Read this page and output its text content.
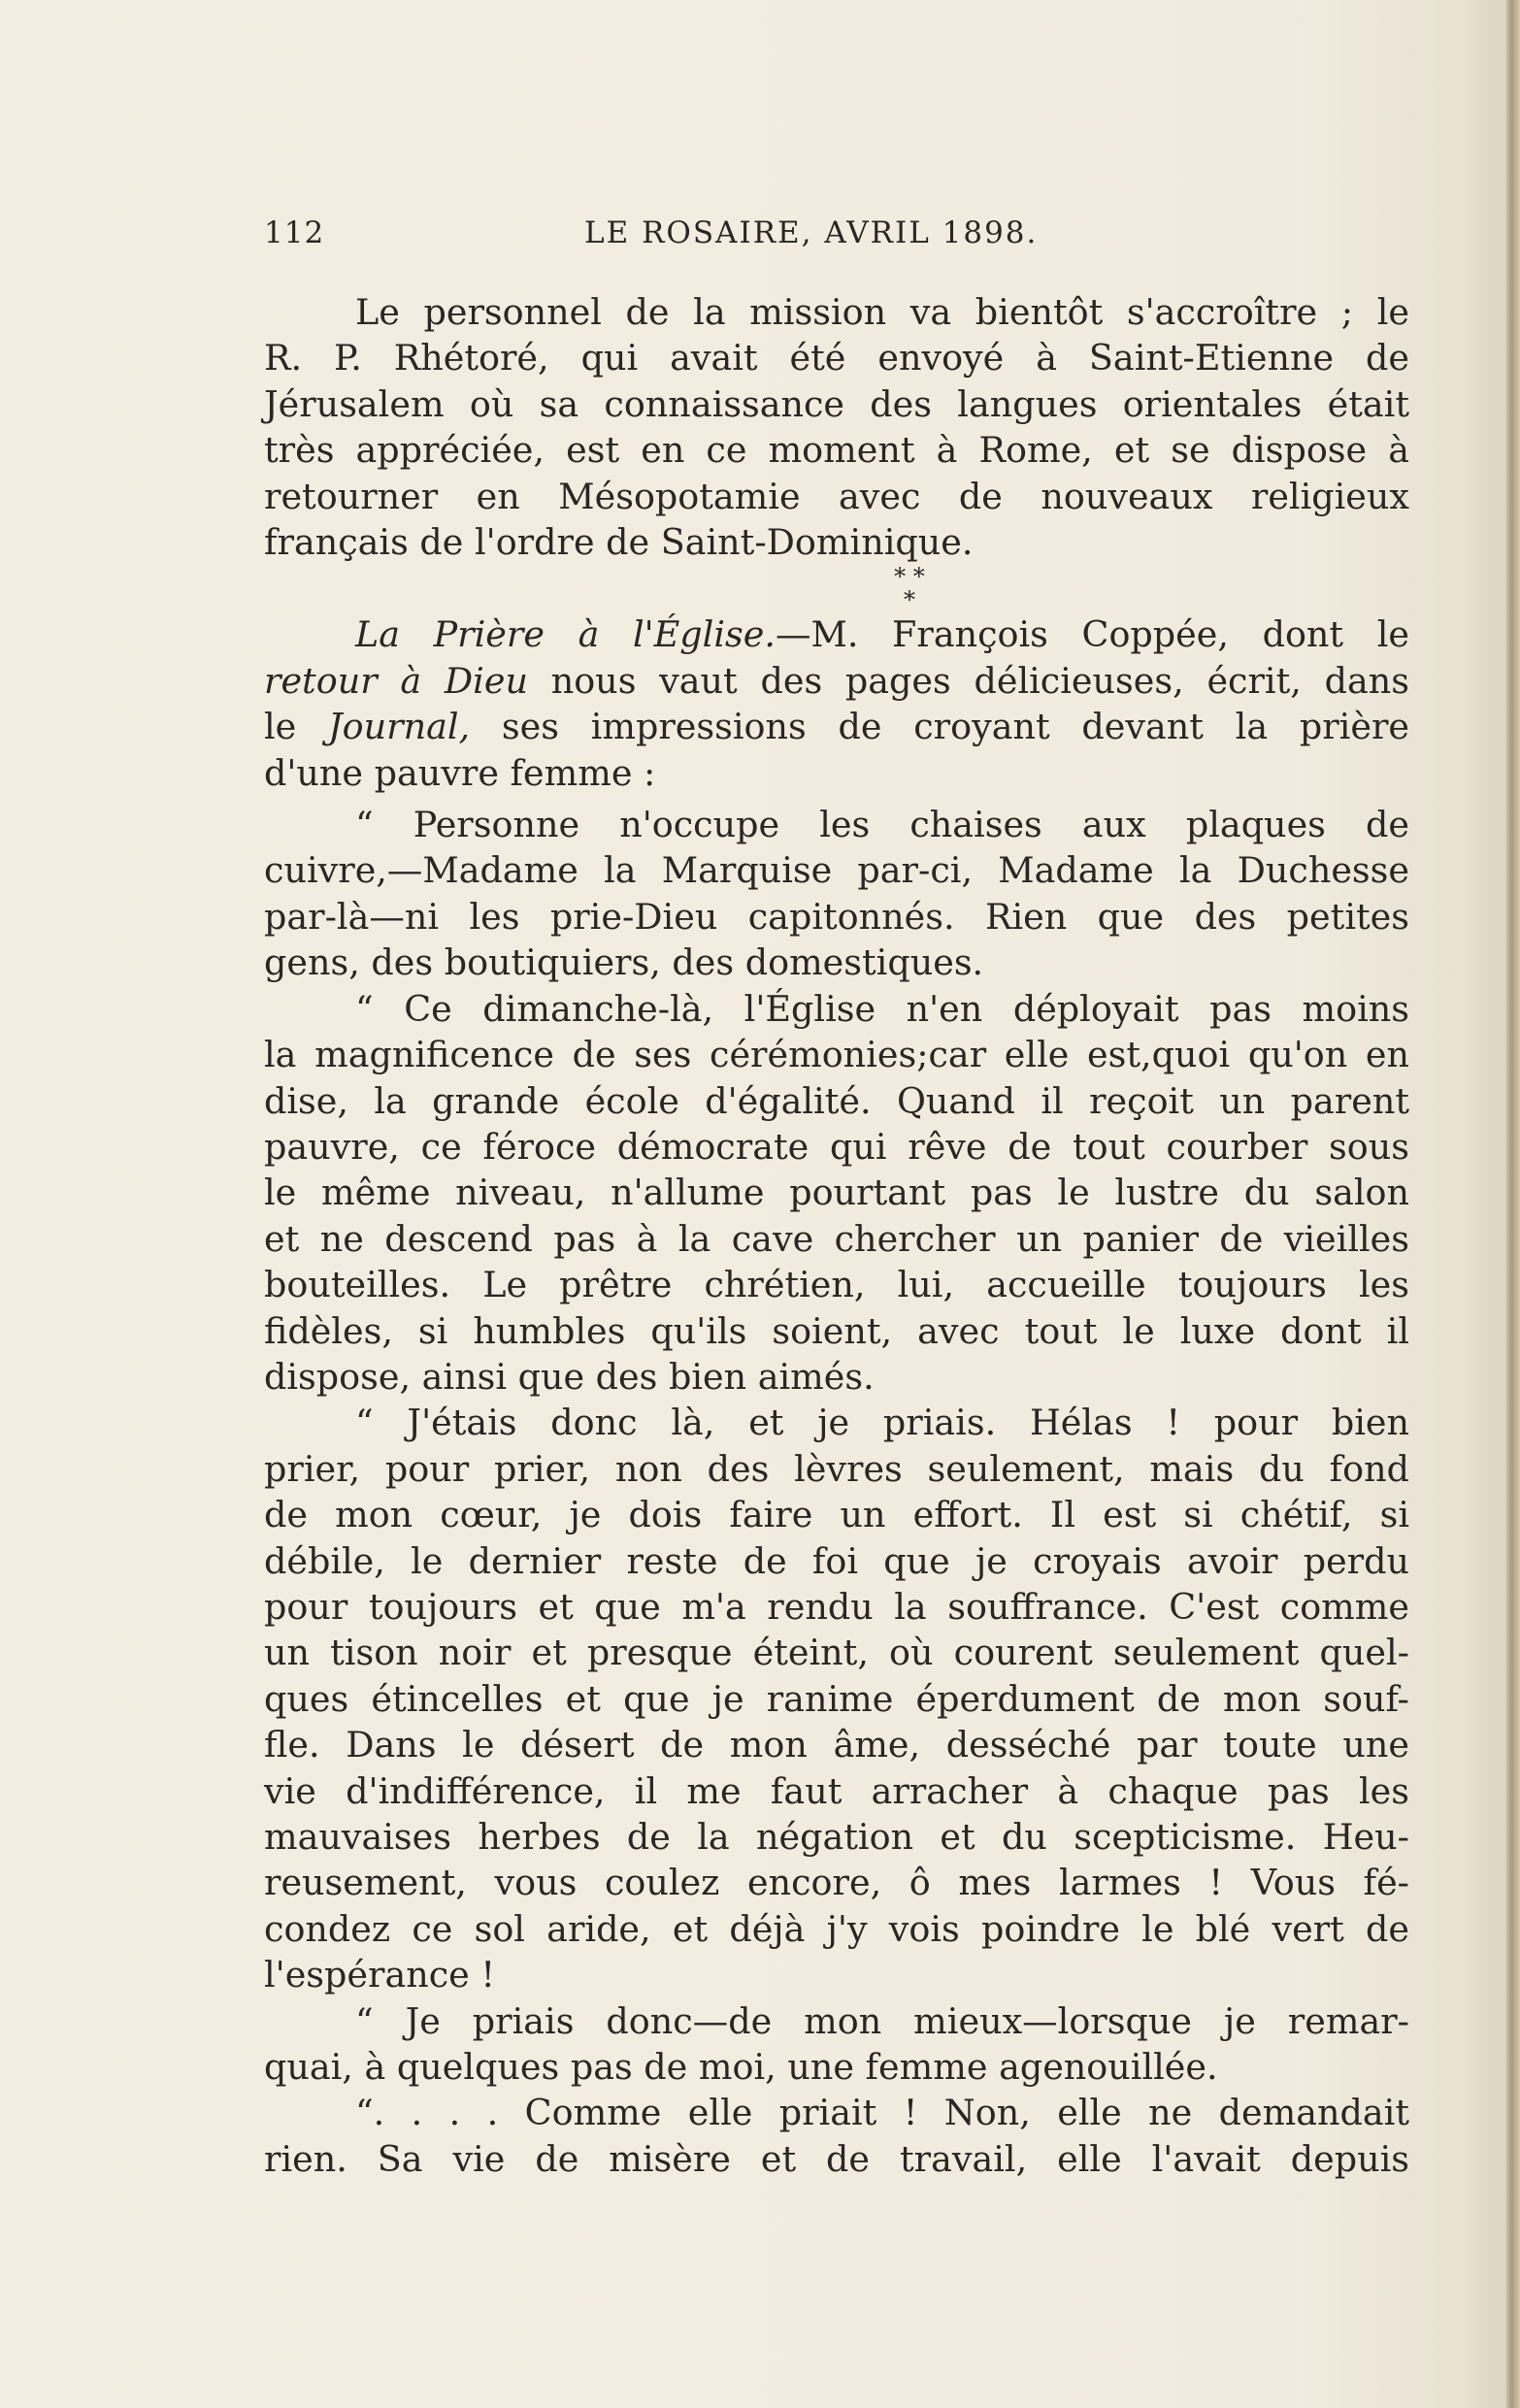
112	LE ROSAIRE, AVRIL 1898.

Le personnel de la mission va bientôt s'accroître ; le

R. P. Rhétoré, qui avait été envoyé à Saint-Etienne de

Jérusalem où sa connaissance des langues orientales était

très appréciée, est en ce moment à Rome, et se dispose à

retourner en Mésopotamie avec de nouveaux religieux

français de l'ordre de Saint-Dominique.

* *
*

La Prière à l'Église.—M. François Coppée, dont le

retour à Dieu nous vaut des pages délicieuses, écrit, dans

le Journal, ses impressions de croyant devant la prière

d'une pauvre femme :

“ Personne n'occupe les chaises aux plaques de

cuivre,—Madame la Marquise par-ci, Madame la Duchesse

par-là—ni les prie-Dieu capitonnés. Rien que des petites

gens, des boutiquiers, des domestiques.

“ Ce dimanche-là, l'Église n'en déployait pas moins

la magnificence de ses cérémonies;car elle est,quoi qu'on en

dise, la grande école d'égalité. Quand il reçoit un parent

pauvre, ce féroce démocrate qui rêve de tout courber sous

le même niveau, n'allume pourtant pas le lustre du salon

et ne descend pas à la cave chercher un panier de vieilles

bouteilles. Le prêtre chrétien, lui, accueille toujours les

fidèles, si humbles qu'ils soient, avec tout le luxe dont il

dispose, ainsi que des bien aimés.

“ J'étais donc là, et je priais. Hélas ! pour bien

prier, pour prier, non des lèvres seulement, mais du fond

de mon cœur, je dois faire un effort. Il est si chétif, si

débile, le dernier reste de foi que je croyais avoir perdu

pour toujours et que m'a rendu la souffrance. C'est comme

un tison noir et presque éteint, où courent seulement quel-

ques étincelles et que je ranime éperdument de mon souf-

fle. Dans le désert de mon âme, desséché par toute une

vie d'indifférence, il me faut arracher à chaque pas les

mauvaises herbes de la négation et du scepticisme. Heu-

reusement, vous coulez encore, ô mes larmes ! Vous fé-

condez ce sol aride, et déjà j'y vois poindre le blé vert de

l'espérance !

“ Je priais donc—de mon mieux—lorsque je remar-

quai, à quelques pas de moi, une femme agenouillée.

“. . . . Comme elle priait ! Non, elle ne demandait

rien. Sa vie de misère et de travail, elle l'avait depuis
